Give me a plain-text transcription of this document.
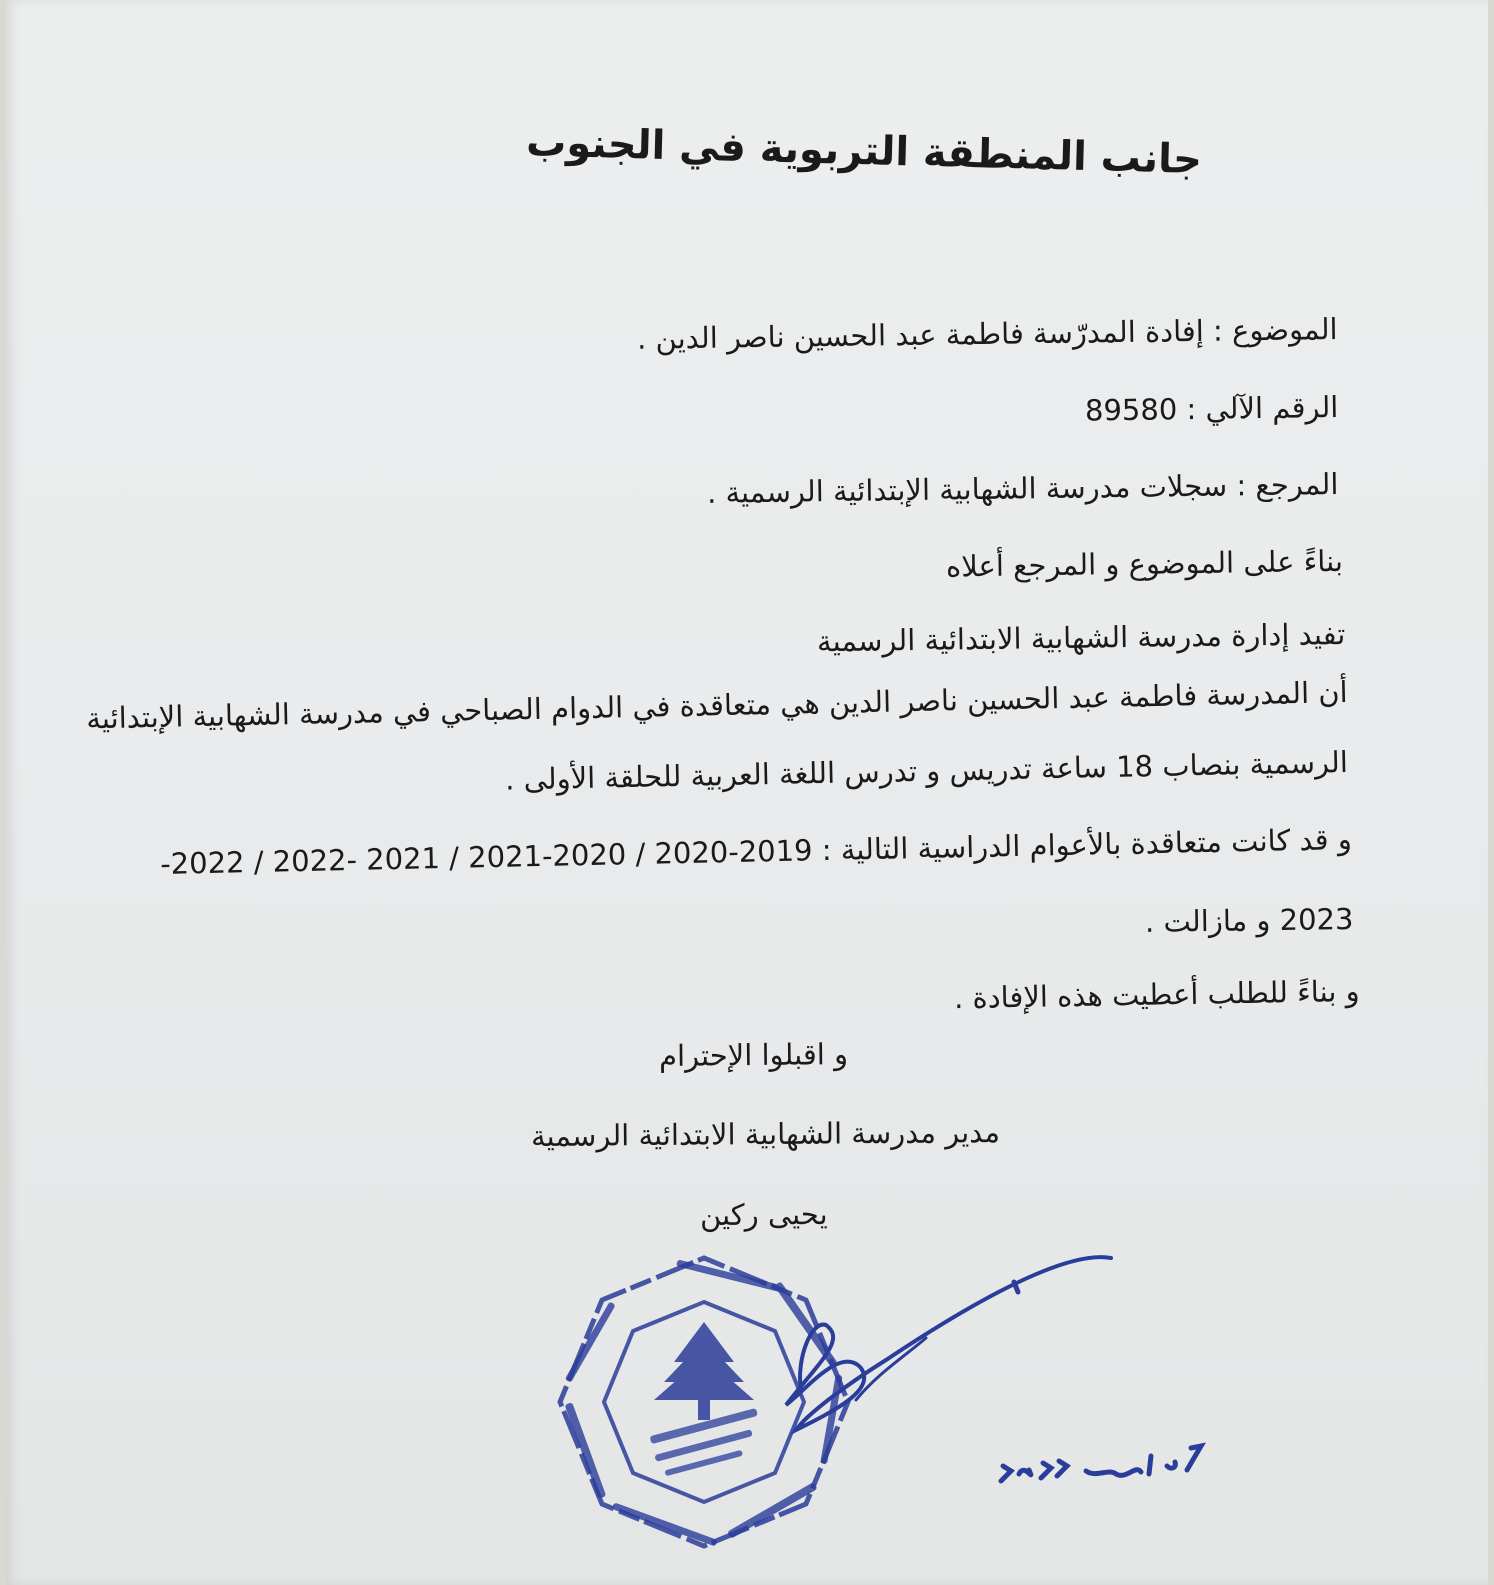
جانب المنطقة التربوية في الجنوب
الموضوع : إفادة المدرّسة فاطمة عبد الحسين ناصر الدين .
الرقم الآلي : 89580
المرجع : سجلات مدرسة الشهابية الإبتدائية الرسمية .
بناءً على الموضوع و المرجع أعلاه
تفيد إدارة مدرسة الشهابية الابتدائية الرسمية
أن المدرسة فاطمة عبد الحسين ناصر الدين هي متعاقدة في الدوام الصباحي في مدرسة الشهابية الإبتدائية
الرسمية بنصاب 18 ساعة تدريس و تدرس اللغة العربية للحلقة الأولى .
و قد كانت متعاقدة بالأعوام الدراسية التالية : 2019-2020 / 2020-2021 / 2021 -2022 / 2022-
2023 و مازالت .
و بناءً للطلب أعطيت هذه الإفادة .
و اقبلوا الإحترام
مدير مدرسة الشهابية الابتدائية الرسمية
يحيى ركين
